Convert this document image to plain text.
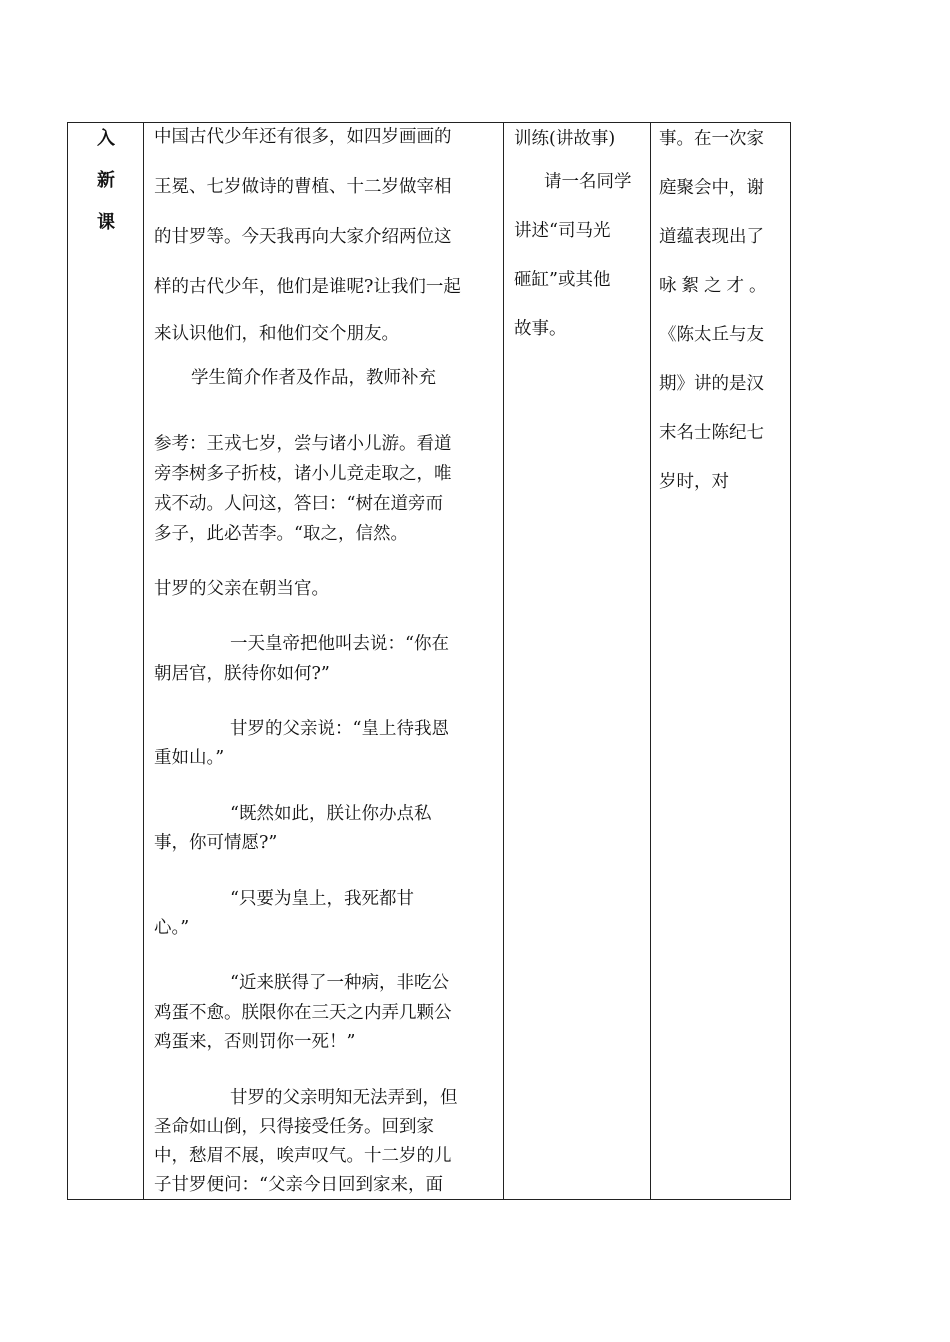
入
新
课
中国古代少年还有很多，如四岁画画的
王冕、七岁做诗的曹植、十二岁做宰相
的甘罗等。今天我再向大家介绍两位这
样的古代少年，他们是谁呢?让我们一起
来认识他们，和他们交个朋友。
学生简介作者及作品，教师补充
参考：王戎七岁，尝与诸小儿游。看道
旁李树多子折枝，诸小儿竞走取之，唯
戎不动。人问这，答曰：“树在道旁而
多子，此必苦李。“取之，信然。
甘罗的父亲在朝当官。
一天皇帝把他叫去说：“你在
朝居官，朕待你如何?”
甘罗的父亲说：“皇上待我恩
重如山。”
“既然如此，朕让你办点私
事，你可情愿?”
“只要为皇上，我死都甘
心。”
“近来朕得了一种病，非吃公
鸡蛋不愈。朕限你在三天之内弄几颗公
鸡蛋来，否则罚你一死！”
甘罗的父亲明知无法弄到，但
圣命如山倒，只得接受任务。回到家
中，愁眉不展，唉声叹气。十二岁的儿
子甘罗便问：“父亲今日回到家来，面
训练(讲故事)
请一名同学
讲述“司马光
砸缸”或其他
故事。
事。在一次家
庭聚会中，谢
道蕴表现出了
咏絮之才。
《陈太丘与友
期》讲的是汉
末名士陈纪七
岁时，对
